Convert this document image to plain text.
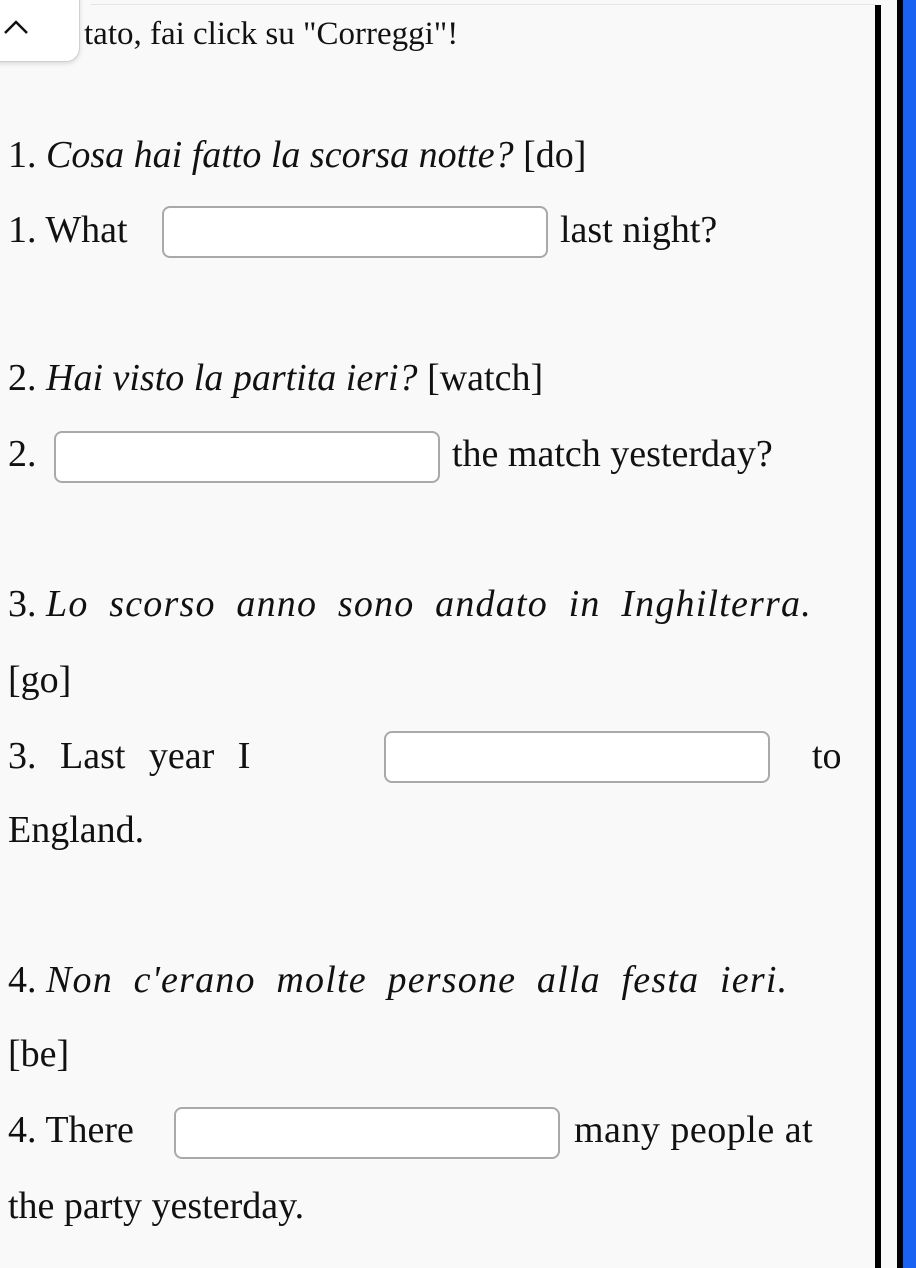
tato, fai click su "Correggi"!
1. Cosa hai fatto la scorsa notte? [do]
1. What	last night?
2. Hai visto la partita ieri? [watch]
2.	the match yesterday?
3. Lo scorso anno sono andato in Inghilterra.
[go]
3. Last year I	to
England.
4. Non c'erano molte persone alla festa ieri.
[be]
4. There	many people at
the party yesterday.
